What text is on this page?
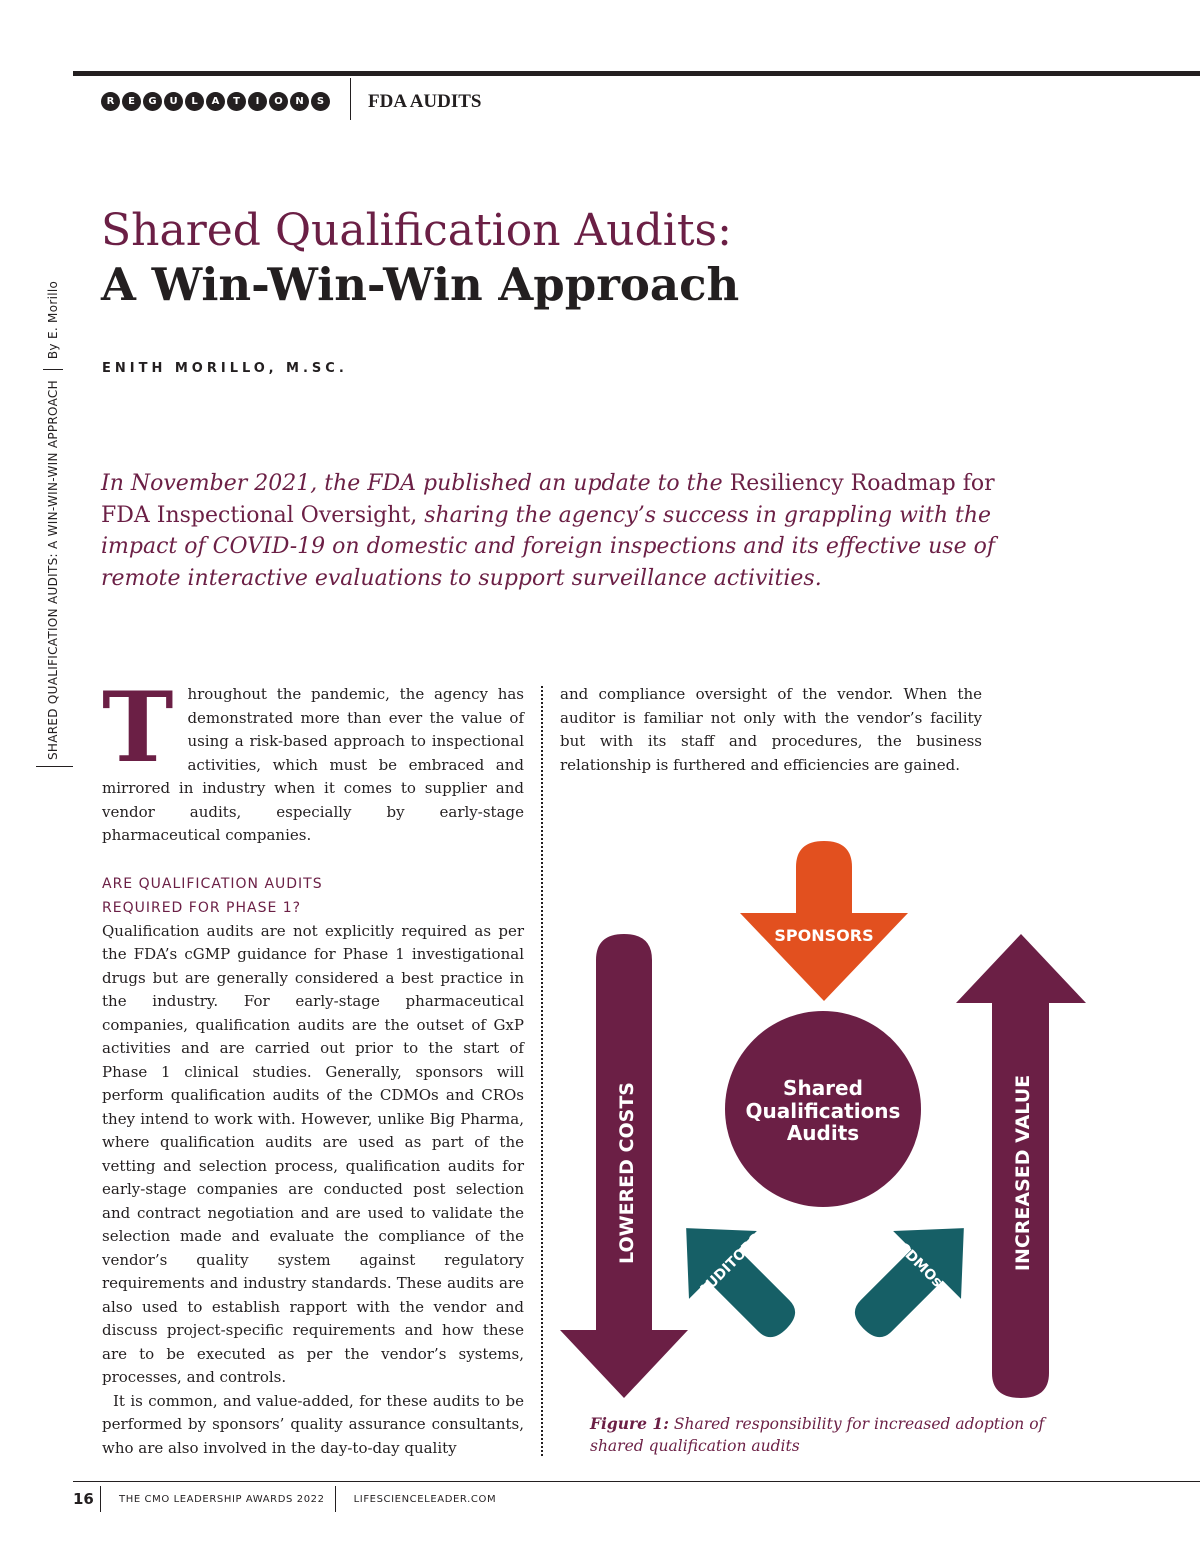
R	E	G	U	L	A	T	I	O	N	S	FDA AUDITS
SHARED QUALIFICATION AUDITS: A WIN-WIN-WIN APPROACH
By E. Morillo
Shared Qualification Audits:
A Win-Win-Win Approach
ENITH MORILLO, M.SC.
In November 2021, the FDA published an update to the Resiliency Roadmap for FDA Inspectional Oversight, sharing the agency’s success in grappling with the impact of COVID-19 on domestic and foreign inspections and its effective use of remote interactive evaluations to support surveillance activities.

Throughout the pandemic, the agency has demonstrated more than ever the value of using a risk-based approach to inspectional activities, which must be embraced and mirrored in industry when it comes to supplier and vendor audits, especially by early-stage pharmaceutical companies.

ARE QUALIFICATION AUDITS
REQUIRED FOR PHASE 1?

Qualification audits are not explicitly required as per the FDA’s cGMP guidance for Phase 1 investigational drugs but are generally considered a best practice in the industry. For early-stage pharmaceutical companies, qualification audits are the outset of GxP activities and are carried out prior to the start of Phase 1 clinical studies. Generally, sponsors will perform qualification audits of the CDMOs and CROs they intend to work with. However, unlike Big Pharma, where qualification audits are used as part of the vetting and selection process, qualification audits for early-stage companies are conducted post selection and contract negotiation and are used to validate the selection made and evaluate the compliance of the vendor’s quality system against regulatory requirements and industry standards. These audits are also used to establish rapport with the vendor and discuss project-specific requirements and how these are to be executed as per the vendor’s systems, processes, and controls.

It is common, and value-added, for these audits to be performed by sponsors’ quality assurance consultants, who are also involved in the day-to-day quality

and compliance oversight of the vendor. When the auditor is familiar not only with the vendor’s facility but with its staff and procedures, the business relationship is furthered and efficiencies are gained.

SPONSORS
Shared
Qualifications
Audits
LOWERED COSTS	INCREASED VALUE
AUDITORS	CDMOs
Figure 1: Shared responsibility for increased adoption of shared qualification audits
16	THE CMO LEADERSHIP AWARDS 2022	LIFESCIENCELEADER.COM
